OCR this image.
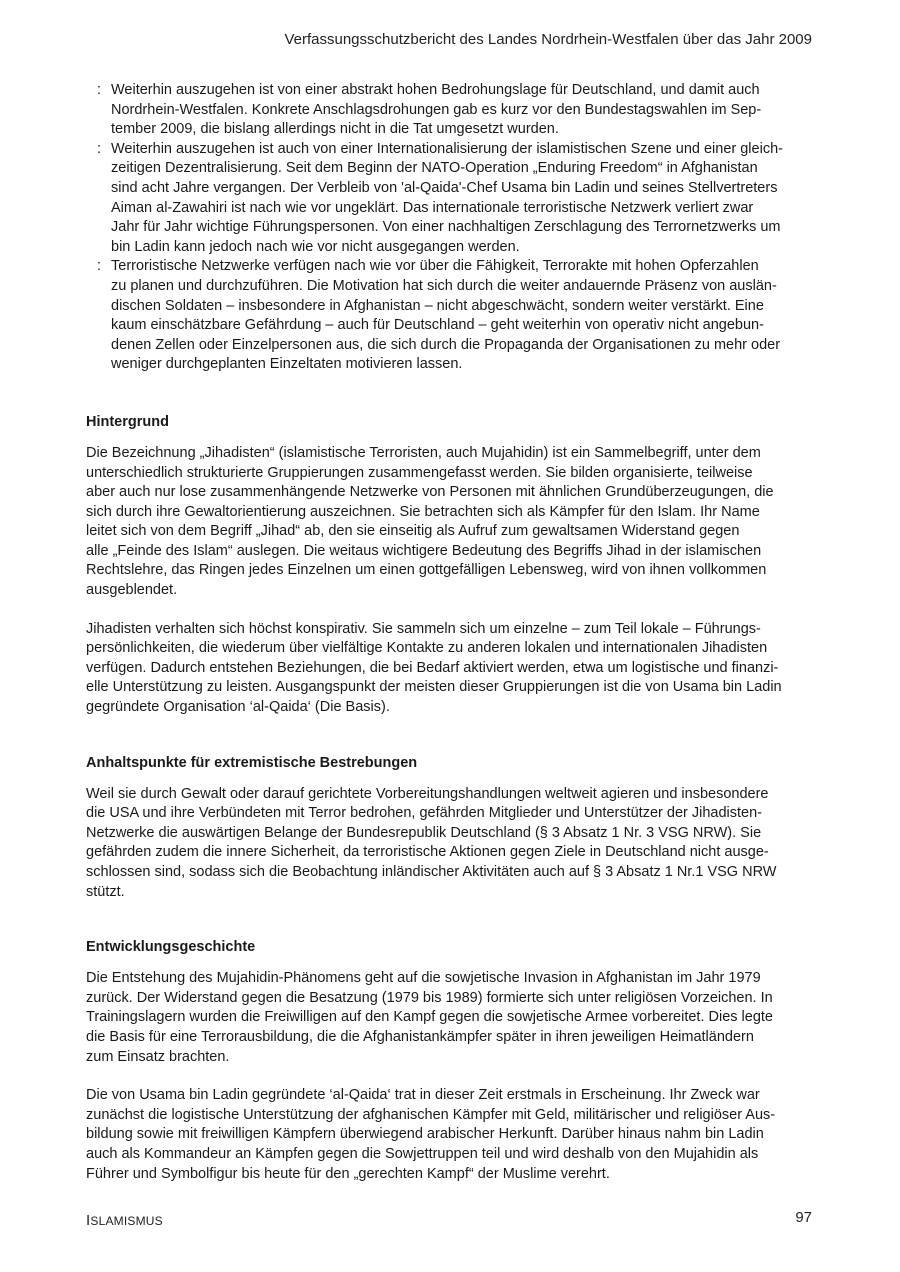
Verfassungsschutzbericht des Landes Nordrhein-Westfalen über das Jahr 2009
: Weiterhin auszugehen ist von einer abstrakt hohen Bedrohungslage für Deutschland, und damit auch
Nordrhein-Westfalen. Konkrete Anschlagsdrohungen gab es kurz vor den Bundestagswahlen im Sep-
tember 2009, die bislang allerdings nicht in die Tat umgesetzt wurden.
: Weiterhin auszugehen ist auch von einer Internationalisierung der islamistischen Szene und einer gleich-
zeitigen Dezentralisierung. Seit dem Beginn der NATO-Operation „Enduring Freedom“ in Afghanistan
sind acht Jahre vergangen. Der Verbleib von 'al-Qaida'-Chef Usama bin Ladin und seines Stellvertreters
Aiman al-Zawahiri ist nach wie vor ungeklärt. Das internationale terroristische Netzwerk verliert zwar
Jahr für Jahr wichtige Führungspersonen. Von einer nachhaltigen Zerschlagung des Terrornetzwerks um
bin Ladin kann jedoch nach wie vor nicht ausgegangen werden.
: Terroristische Netzwerke verfügen nach wie vor über die Fähigkeit, Terrorakte mit hohen Opferzahlen
zu planen und durchzuführen. Die Motivation hat sich durch die weiter andauernde Präsenz von auslän-
dischen Soldaten – insbesondere in Afghanistan – nicht abgeschwächt, sondern weiter verstärkt. Eine
kaum einschätzbare Gefährdung – auch für Deutschland – geht weiterhin von operativ nicht angebun-
denen Zellen oder Einzelpersonen aus, die sich durch die Propaganda der Organisationen zu mehr oder
weniger durchgeplanten Einzeltaten motivieren lassen.
Hintergrund

Die Bezeichnung „Jihadisten“ (islamistische Terroristen, auch Mujahidin) ist ein Sammelbegriff, unter dem
unterschiedlich strukturierte Gruppierungen zusammengefasst werden. Sie bilden organisierte, teilweise
aber auch nur lose zusammenhängende Netzwerke von Personen mit ähnlichen Grundüberzeugungen, die
sich durch ihre Gewaltorientierung auszeichnen. Sie betrachten sich als Kämpfer für den Islam. Ihr Name
leitet sich von dem Begriff „Jihad“ ab, den sie einseitig als Aufruf zum gewaltsamen Widerstand gegen
alle „Feinde des Islam“ auslegen. Die weitaus wichtigere Bedeutung des Begriffs Jihad in der islamischen
Rechtslehre, das Ringen jedes Einzelnen um einen gottgefälligen Lebensweg, wird von ihnen vollkommen
ausgeblendet.

Jihadisten verhalten sich höchst konspirativ. Sie sammeln sich um einzelne – zum Teil lokale – Führungs-
persönlichkeiten, die wiederum über vielfältige Kontakte zu anderen lokalen und internationalen Jihadisten
verfügen. Dadurch entstehen Beziehungen, die bei Bedarf aktiviert werden, etwa um logistische und finanzi-
elle Unterstützung zu leisten. Ausgangspunkt der meisten dieser Gruppierungen ist die von Usama bin Ladin
gegründete Organisation ‘al-Qaida‘ (Die Basis).

Anhaltspunkte für extremistische Bestrebungen

Weil sie durch Gewalt oder darauf gerichtete Vorbereitungshandlungen weltweit agieren und insbesondere
die USA und ihre Verbündeten mit Terror bedrohen, gefährden Mitglieder und Unterstützer der Jihadisten-
Netzwerke die auswärtigen Belange der Bundesrepublik Deutschland (§ 3 Absatz 1 Nr. 3 VSG NRW). Sie
gefährden zudem die innere Sicherheit, da terroristische Aktionen gegen Ziele in Deutschland nicht ausge-
schlossen sind, sodass sich die Beobachtung inländischer Aktivitäten auch auf § 3 Absatz 1 Nr.1 VSG NRW
stützt.

Entwicklungsgeschichte

Die Entstehung des Mujahidin-Phänomens geht auf die sowjetische Invasion in Afghanistan im Jahr 1979
zurück. Der Widerstand gegen die Besatzung (1979 bis 1989) formierte sich unter religiösen Vorzeichen. In
Trainingslagern wurden die Freiwilligen auf den Kampf gegen die sowjetische Armee vorbereitet. Dies legte
die Basis für eine Terrorausbildung, die die Afghanistankämpfer später in ihren jeweiligen Heimatländern
zum Einsatz brachten.

Die von Usama bin Ladin gegründete ‘al-Qaida‘ trat in dieser Zeit erstmals in Erscheinung. Ihr Zweck war
zunächst die logistische Unterstützung der afghanischen Kämpfer mit Geld, militärischer und religiöser Aus-
bildung sowie mit freiwilligen Kämpfern überwiegend arabischer Herkunft. Darüber hinaus nahm bin Ladin
auch als Kommandeur an Kämpfen gegen die Sowjettruppen teil und wird deshalb von den Mujahidin als
Führer und Symbolfigur bis heute für den „gerechten Kampf“ der Muslime verehrt.

ISLAMISMUS	97
